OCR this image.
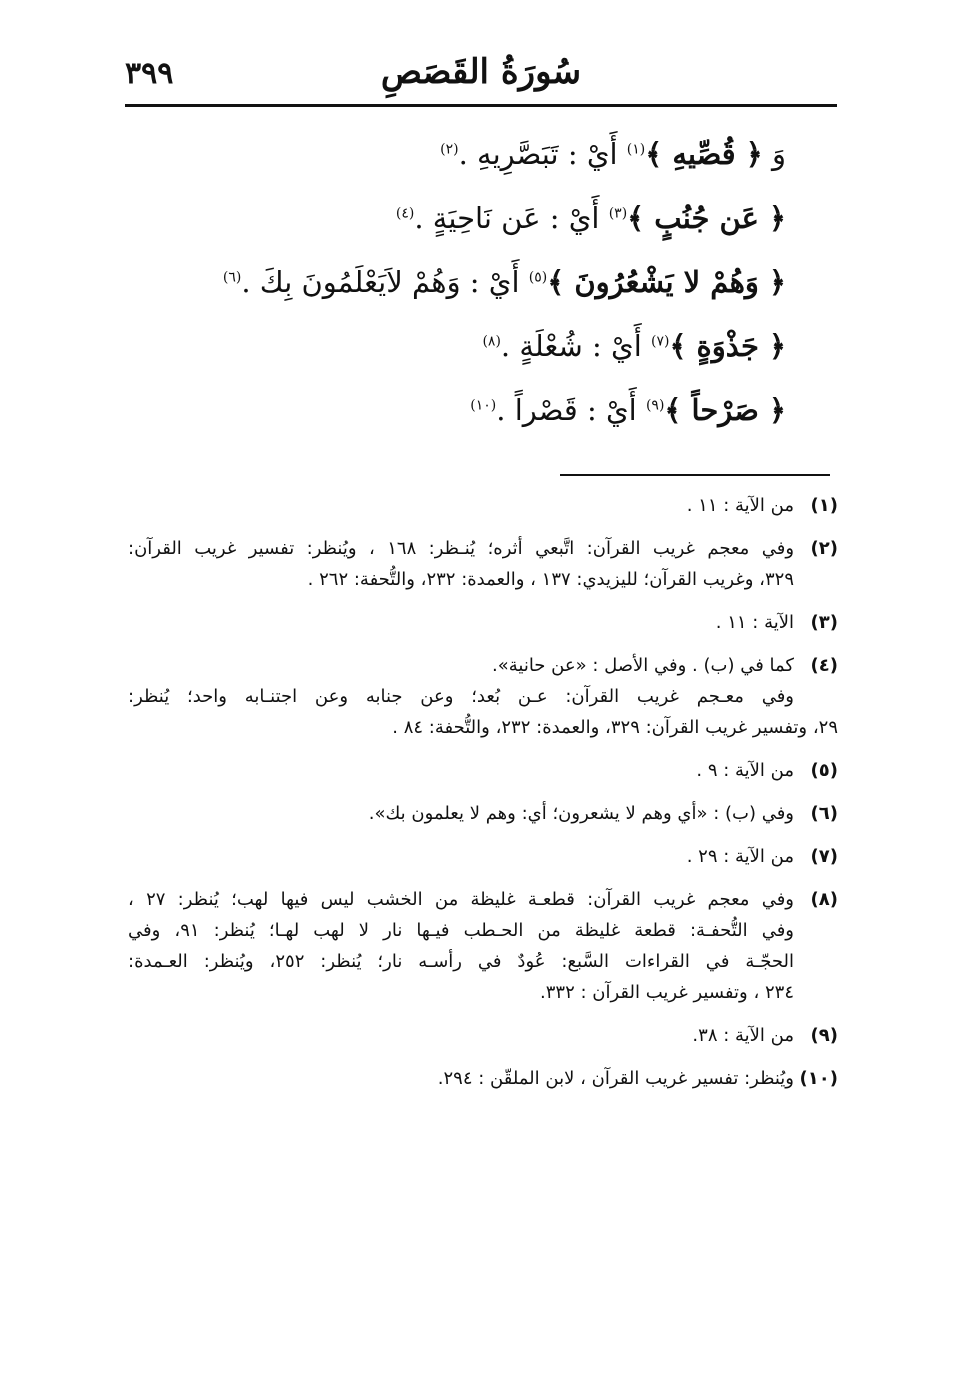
سُورَةُ القَصَصِ
٣٩٩
وَ ﴿ قُصِّيهِ ﴾$^{(١)}$ أَيْ : تَبَصَّرِيهِ .$^{(٢)}$
﴿ عَن جُنُبٍ ﴾$^{(٣)}$ أَيْ : عَن نَاحِيَةٍ .$^{(٤)}$
﴿ وَهُمْ لا يَشْعُرُونَ ﴾$^{(٥)}$ أَيْ : وَهُمْ لاَيَعْلَمُونَ بِكَ .$^{(٦)}$
﴿ جَذْوَةٍ ﴾$^{(٧)}$ أَيْ : شُعْلَةٍ .$^{(٨)}$
﴿ صَرْحاً ﴾$^{(٩)}$ أَيْ : قَصْراً .$^{(١٠)}$
(١)
من الآية : ١١ .
(٢)
وفي معجم غريب القرآن: اتَّبعي أثره؛ يُنـظر: ١٦٨ ، ويُنظر: تفسير غريب القرآن:
٣٢٩، وغريب القرآن؛ لليزيدي: ١٣٧ ، والعمدة: ٢٣٢، والتُّحفة: ٢٦٢ .
(٣)
الآية : ١١ .
(٤)
كما في (ب) . وفي الأصل : «عن حانية».
وفي معـجم غريب القرآن: عـن بُعد؛ وعن جنابه وعن اجتنـابه واحد؛ يُنظر:
٢٩، وتفسير غريب القرآن: ٣٢٩، والعمدة: ٢٣٢، والتُّحفة: ٨٤ .
(٥)
من الآية : ٩ .
(٦)
وفي (ب) : «أي وهم لا يشعرون؛ أي: وهم لا يعلمون بك».
(٧)
من الآية : ٢٩ .
(٨)
وفي معجم غريب القرآن: قطعـة غليظة من الخشب ليس فيها لهب؛ يُنظر: ٢٧ ،
وفي التُّحفـة: قطعة غليظة من الحـطب فيـها نار لا لهب لهـا؛ يُنظر: ٩١، وفي
الحجّـة في القراءات السَّبع: عُودٌ في رأسـه نار؛ يُنظر: ٢٥٢، ويُنظر: العـمدة:
٢٣٤ ، وتفسير غريب القرآن : ٣٣٢.
(٩)
من الآية : ٣٨.
(١٠)
ويُنظر: تفسير غريب القرآن ، لابن الملقّن : ٢٩٤.
